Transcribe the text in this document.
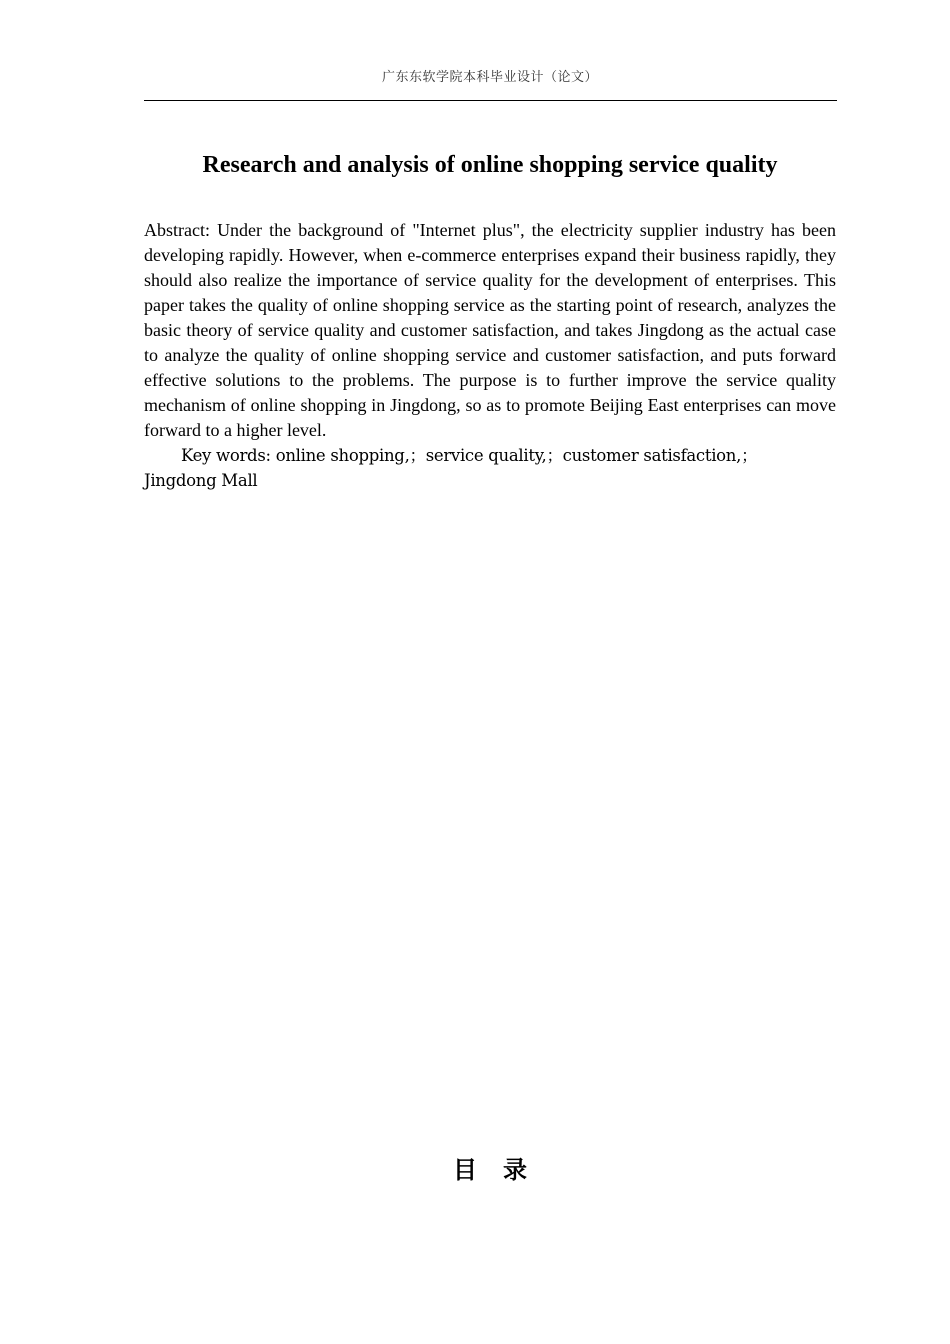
广东东软学院本科毕业设计（论文）
Research and analysis of online shopping service quality

Abstract: Under the background of "Internet plus", the electricity supplier industry has been developing rapidly. However, when e-commerce enterprises expand their business rapidly, they should also realize the importance of service quality for the development of enterprises. This paper takes the quality of online shopping service as the starting point of research, analyzes the basic theory of service quality and customer satisfaction, and takes Jingdong as the actual case to analyze the quality of online shopping service and customer satisfaction, and puts forward effective solutions to the problems. The purpose is to further improve the service quality mechanism of online shopping in Jingdong, so as to promote Beijing East enterprises can move forward to a higher level.

Key words: online shopping,；service quality,；customer satisfaction,；Jingdong Mall
目录
